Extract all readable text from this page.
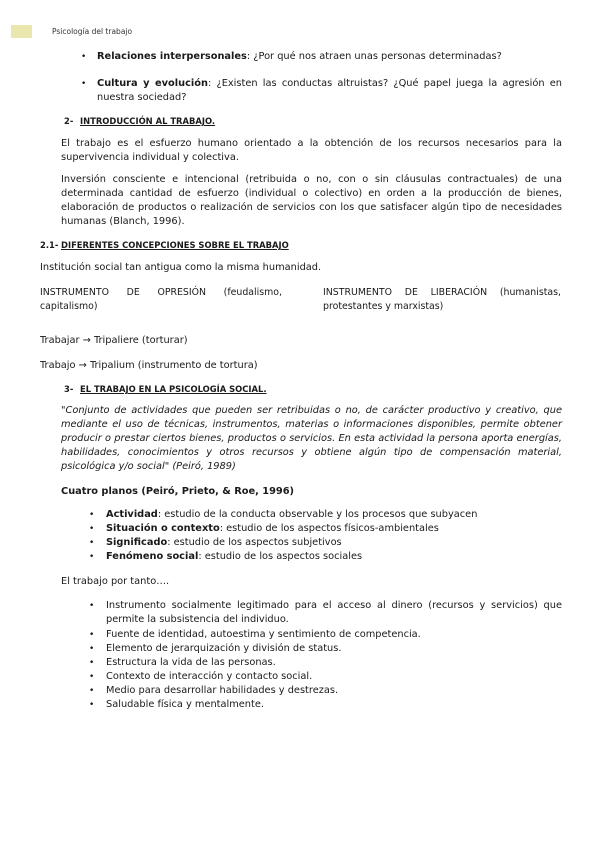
Psicología del trabajo
• Relaciones interpersonales: ¿Por qué nos atraen unas personas determinadas?
• Cultura y evolución: ¿Existen las conductas altruistas? ¿Qué papel juega la agresión en nuestra sociedad?
2- INTRODUCCIÓN AL TRABAJO.
El trabajo es el esfuerzo humano orientado a la obtención de los recursos necesarios para la supervivencia individual y colectiva.
Inversión consciente e intencional (retribuida o no, con o sin cláusulas contractuales) de una determinada cantidad de esfuerzo (individual o colectivo) en orden a la producción de bienes, elaboración de productos o realización de servicios con los que satisfacer algún tipo de necesidades humanas (Blanch, 1996).
2.1- DIFERENTES CONCEPCIONES SOBRE EL TRABAJO
Institución social tan antigua como la misma humanidad.
INSTRUMENTO DE OPRESIÓN (feudalismo, capitalismo)
INSTRUMENTO DE LIBERACIÓN (humanistas, protestantes y marxistas)
Trabajar → Tripaliere (torturar)
Trabajo → Tripalium (instrumento de tortura)
3- EL TRABAJO EN LA PSICOLOGÍA SOCIAL.
"Conjunto de actividades que pueden ser retribuidas o no, de carácter productivo y creativo, que mediante el uso de técnicas, instrumentos, materias o informaciones disponibles, permite obtener producir o prestar ciertos bienes, productos o servicios. En esta actividad la persona aporta energías, habilidades, conocimientos y otros recursos y obtiene algún tipo de compensación material, psicológica y/o social" (Peiró, 1989)
Cuatro planos (Peiró, Prieto, & Roe, 1996)
• Actividad: estudio de la conducta observable y los procesos que subyacen
• Situación o contexto: estudio de los aspectos físicos-ambientales
• Significado: estudio de los aspectos subjetivos
• Fenómeno social: estudio de los aspectos sociales
El trabajo por tanto….
• Instrumento socialmente legitimado para el acceso al dinero (recursos y servicios) que permite la subsistencia del individuo.
• Fuente de identidad, autoestima y sentimiento de competencia.
• Elemento de jerarquización y división de status.
• Estructura la vida de las personas.
• Contexto de interacción y contacto social.
• Medio para desarrollar habilidades y destrezas.
• Saludable física y mentalmente.
